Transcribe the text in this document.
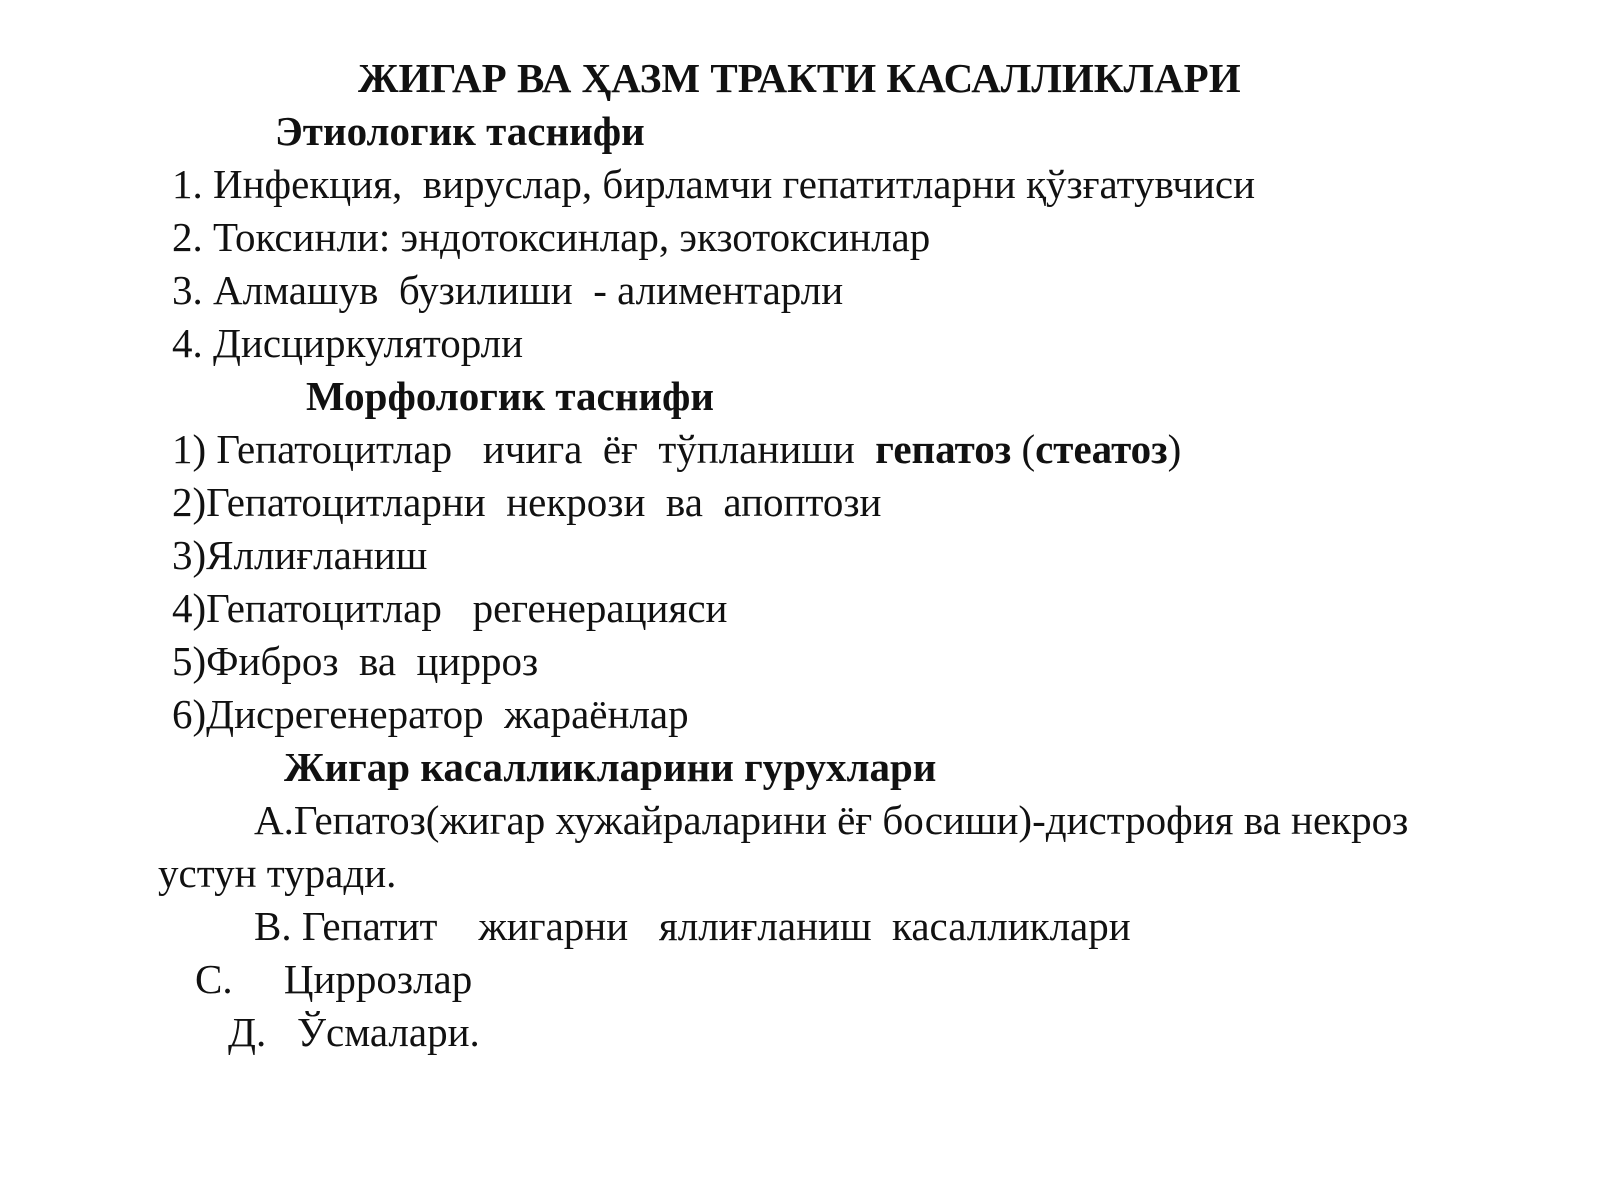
ЖИГАР ВА ҲАЗМ ТРАКТИ КАСАЛЛИКЛАРИ
Этиологик таснифи
1. Инфекция,  вируслар, бирламчи гепатитларни қўзғатувчиси
2. Токсинли: эндотоксинлар, экзотоксинлар
3. Алмашув  бузилиши  - алиментарли
4. Дисциркуляторли
Морфологик таснифи
1) Гепатоцитлар   ичига  ёғ  тўпланиши  гепатоз (стеатоз)
2)Гепатоцитларни  некрози  ва  апоптози
3)Яллиғланиш
4)Гепатоцитлар   регенерацияси
5)Фиброз  ва  цирроз
6)Дисрегенератор  жараёнлар
Жигар касалликларини гурухлари
А.Гепатоз(жигар хужайраларини ёғ босиши)-дистрофия ва некроз
устун туради.
В. Гепатит    жигарни   яллиғланиш  касалликлари
С.     Циррозлар
Д.   Ўсмалари.
